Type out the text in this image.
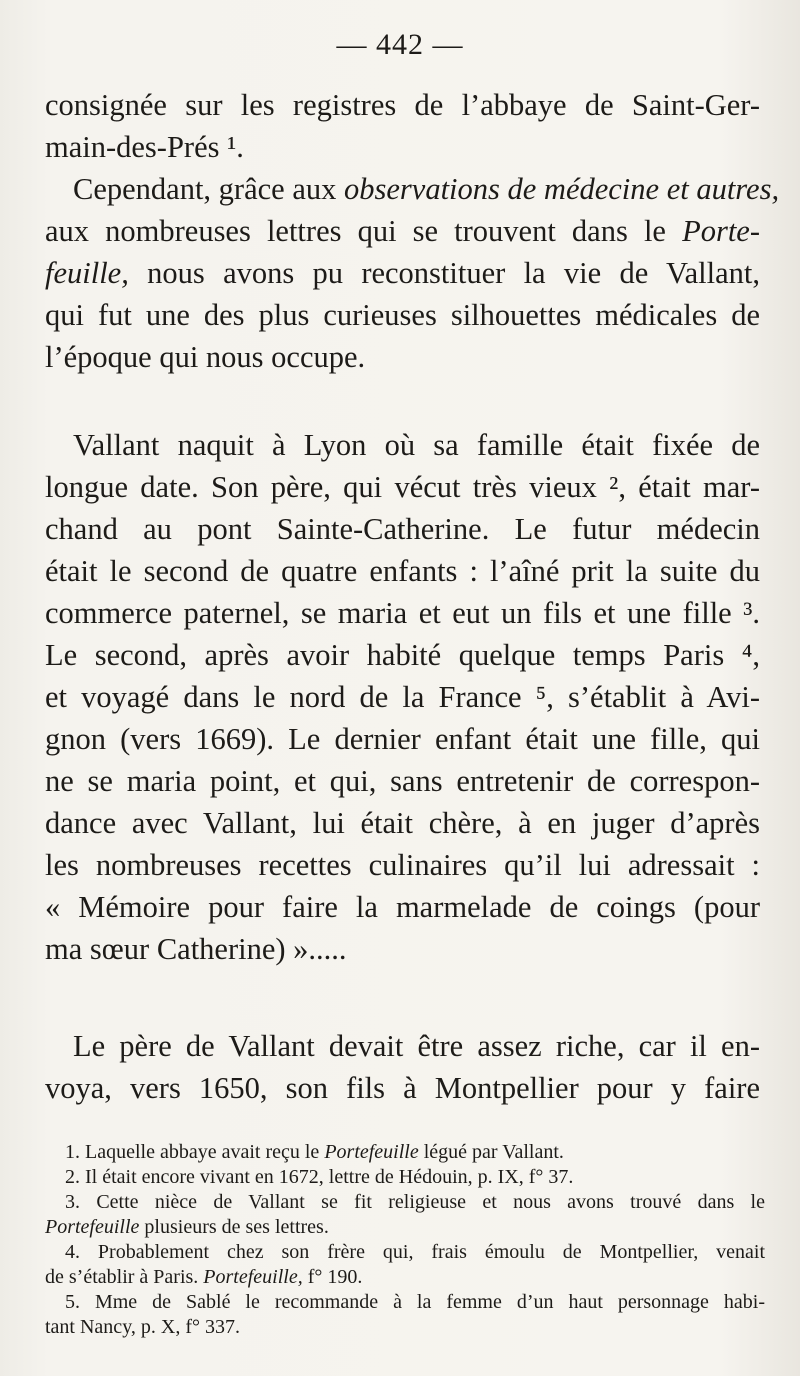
— 442 —
consignée sur les registres de l’abbaye de Saint-Ger-
main-des-Prés ¹.
Cependant, grâce aux observations de médecine et autres,
aux nombreuses lettres qui se trouvent dans le Porte-
feuille, nous avons pu reconstituer la vie de Vallant,
qui fut une des plus curieuses silhouettes médicales de
l’époque qui nous occupe.
Vallant naquit à Lyon où sa famille était fixée de
longue date. Son père, qui vécut très vieux ², était mar-
chand au pont Sainte-Catherine. Le futur médecin
était le second de quatre enfants : l’aîné prit la suite du
commerce paternel, se maria et eut un fils et une fille ³.
Le second, après avoir habité quelque temps Paris ⁴,
et voyagé dans le nord de la France ⁵, s’établit à Avi-
gnon (vers 1669). Le dernier enfant était une fille, qui
ne se maria point, et qui, sans entretenir de correspon-
dance avec Vallant, lui était chère, à en juger d’après
les nombreuses recettes culinaires qu’il lui adressait :
« Mémoire pour faire la marmelade de coings (pour
ma sœur Catherine) ».....
Le père de Vallant devait être assez riche, car il en-
voya, vers 1650, son fils à Montpellier pour y faire
1. Laquelle abbaye avait reçu le Portefeuille légué par Vallant.
2. Il était encore vivant en 1672, lettre de Hédouin, p. IX, f° 37.
3. Cette nièce de Vallant se fit religieuse et nous avons trouvé dans le
Portefeuille plusieurs de ses lettres.
4. Probablement chez son frère qui, frais émoulu de Montpellier, venait
de s’établir à Paris. Portefeuille, f° 190.
5. Mme de Sablé le recommande à la femme d’un haut personnage habi-
tant Nancy, p. X, f° 337.
